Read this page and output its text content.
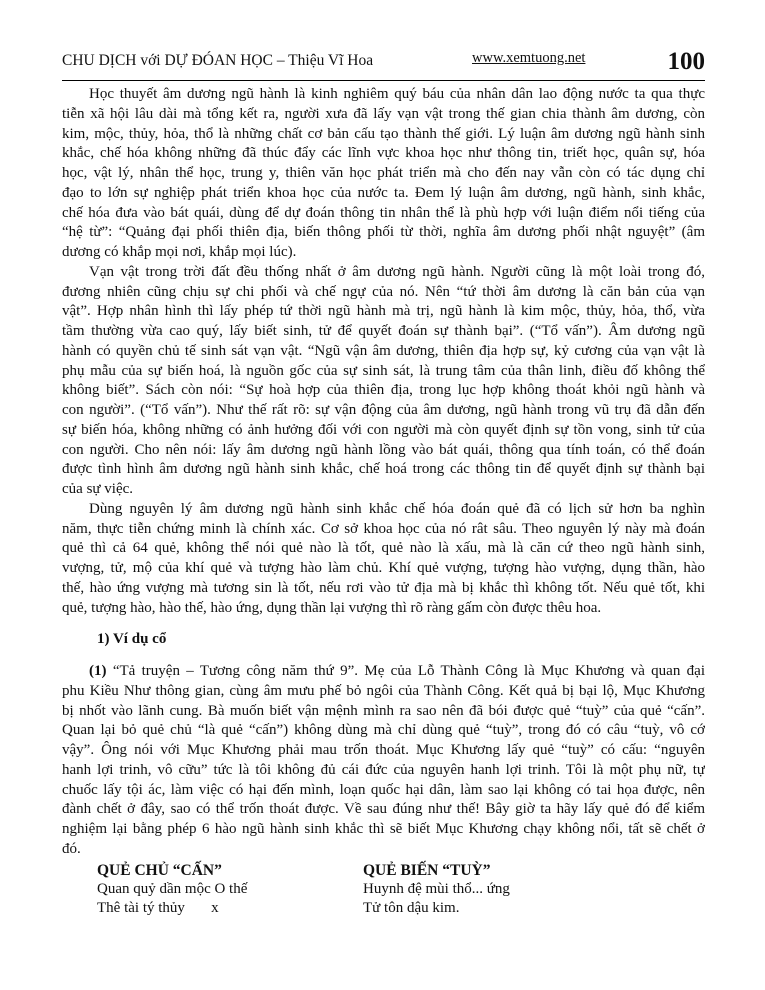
CHU DỊCH với DỰ ĐÓAN HỌC – Thiệu Vĩ Hoa	www.xemtuong.net	100
Học thuyết âm dương ngũ hành là kinh nghiêm quý báu của nhân dân lao động nước ta qua thực
tiễn xã hội lâu dài mà tổng kết ra, người xưa đã lấy vạn vật trong thế gian chia thành âm dương, còn
kim, mộc, thủy, hỏa, thổ là những chất cơ bản cấu tạo thành thế giới. Lý luận âm dương ngũ hành sinh
khắc, chế hóa không những đã thúc đẩy các lĩnh vực khoa học như thông tin, triết học, quân sự, hóa
học, vật lý, nhân thể học, trung y, thiên văn học phát triển mà cho đến nay vẫn còn có tác dụng chỉ
đạo to lớn sự nghiệp phát triển khoa học của nước ta. Đem lý luận âm dương, ngũ hành, sinh khắc,
chế hóa đưa vào bát quái, dùng để dự đoán thông tin nhân thể là phù hợp với luận điểm nổi tiếng của
“hệ từ”: “Quảng đại phối thiên địa, biến thông phối từ thời, nghĩa âm dương phối nhật nguyệt” (âm
dương có khắp mọi nơi, khắp mọi lúc).
Vạn vật trong trời đất đều thống nhất ở âm dương ngũ hành. Người cũng là một loài trong đó,
đương nhiên cũng chịu sự chi phối và chế ngự của nó. Nên “tứ thời âm dương là căn bản của vạn
vật”. Hợp nhân hình thì lấy phép tứ thời ngũ hành mà trị, ngũ hành là kim mộc, thủy, hỏa, thổ, vừa
tầm thường vừa cao quý, lấy biết sinh, tử để quyết đoán sự thành bại”. (“Tổ vấn”). Âm dương ngũ
hành có quyền chủ tế sinh sát vạn vật. “Ngũ vận âm dương, thiên địa hợp sự, kỷ cương của vạn vật là
phụ mẫu của sự biến hoá, là nguồn gốc của sự sinh sát, là trung tâm của thân linh, điều đố không thể
không biết”. Sách còn nói: “Sự hoà hợp của thiên địa, trong lục hợp không thoát khỏi ngũ hành và
con người”. (“Tổ vấn”). Như thế rất rõ: sự vận động của âm dương, ngũ hành trong vũ trụ đã dẫn đến
sự biến hóa, không những có ảnh hưởng đối với con người mà còn quyết định sự tồn vong, sinh tử của
con người. Cho nên nói: lấy âm dương ngũ hành lồng vào bát quái, thông qua tính toán, có thể đoán
được tình hình âm dương ngũ hành sinh khắc, chế hoá trong các thông tin để quyết định sự thành bại
của sự việc.
Dùng nguyên lý âm dương ngũ hành sinh khắc chế hóa đoán quẻ đã có lịch sử hơn ba nghìn
năm, thực tiễn chứng minh là chính xác. Cơ sở khoa học của nó rât sâu. Theo nguyên lý này mà đoán
quẻ thì cả 64 quẻ, không thể nói quẻ nào là tốt, quẻ nào là xấu, mà là căn cứ theo ngũ hành sinh,
vượng, tử, mộ của khí quẻ và tượng hào làm chủ. Khí quẻ vượng, tượng hào vượng, dụng thần, hào
thế, hào ứng vượng mà tương sin là tốt, nếu rơi vào tử địa mà bị khắc thì không tốt. Nếu quẻ tốt, khi
quẻ, tượng hào, hào thế, hào ứng, dụng thần lại vượng thì rõ ràng gấm còn được thêu hoa.
1) Ví dụ cổ
(1) “Tả truyện – Tương công năm thứ 9”. Mẹ của Lỗ Thành Công là Mục Khương và quan đại
phu Kiều Như thông gian, cùng âm mưu phế bỏ ngôi của Thành Công. Kết quả bị bại lộ, Mục Khương
bị nhốt vào lãnh cung. Bà muốn biết vận mệnh mình ra sao nên đã bói được quẻ “tuỳ” của quẻ “cấn”.
Quan lại bỏ quẻ chủ “là quẻ “cấn”) không dùng mà chỉ dùng quẻ “tuỳ”, trong đó có câu “tuỳ, vô cớ
vậy”. Ông nói với Mục Khương phải mau trốn thoát. Mục Khương lấy quẻ “tuỳ” có cấu: “nguyên
hanh lợi trinh, vô cữu” tức là tôi không đủ cái đức của nguyên hanh lợi trinh. Tôi là một phụ nữ, tự
chuốc lấy tội ác, làm việc có hại đến mình, loạn quốc hại dân, làm sao lại không có tai họa được, nên
đành chết ở đây, sao có thể trốn thoát được. Về sau đúng như thế! Bây giờ ta hãy lấy quẻ đó để kiểm
nghiệm lại bằng phép 6 hào ngũ hành sinh khắc thì sẽ biết Mục Khương chạy không nổi, tất sẽ chết ở
đó.
QUẺ CHỦ “CẤN”
Quan quỷ dần mộc O thế
Thê tài tý thủy       x
QUẺ BIẾN “TUỲ”
Huynh đệ mùi thổ... ứng
Tử tôn dậu kim.
